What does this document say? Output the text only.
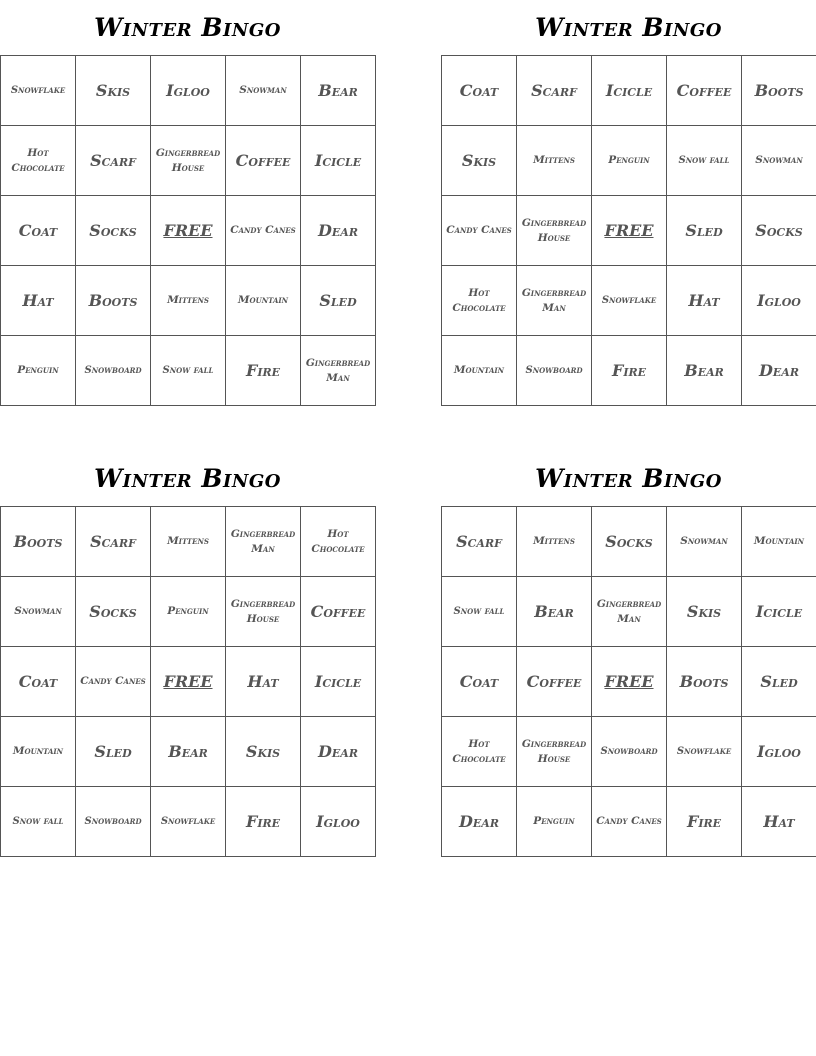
Winter Bingo
Snowflake	Skis	Igloo	Snowman	Bear
Hot Chocolate	Scarf	Gingerbread House	Coffee	Icicle
Coat	Socks	FREE	Candy Canes	Dear
Hat	Boots	Mittens	Mountain	Sled
Penguin	Snowboard	Snow fall	Fire	Gingerbread Man
Winter Bingo
Coat	Scarf	Icicle	Coffee	Boots
Skis	Mittens	Penguin	Snow fall	Snowman
Candy Canes	Gingerbread House	FREE	Sled	Socks
Hot Chocolate	Gingerbread Man	Snowflake	Hat	Igloo
Mountain	Snowboard	Fire	Bear	Dear
Winter Bingo
Boots	Scarf	Mittens	Gingerbread Man	Hot Chocolate
Snowman	Socks	Penguin	Gingerbread House	Coffee
Coat	Candy Canes	FREE	Hat	Icicle
Mountain	Sled	Bear	Skis	Dear
Snow fall	Snowboard	Snowflake	Fire	Igloo
Winter Bingo
Scarf	Mittens	Socks	Snowman	Mountain
Snow fall	Bear	Gingerbread Man	Skis	Icicle
Coat	Coffee	FREE	Boots	Sled
Hot Chocolate	Gingerbread House	Snowboard	Snowflake	Igloo
Dear	Penguin	Candy Canes	Fire	Hat
